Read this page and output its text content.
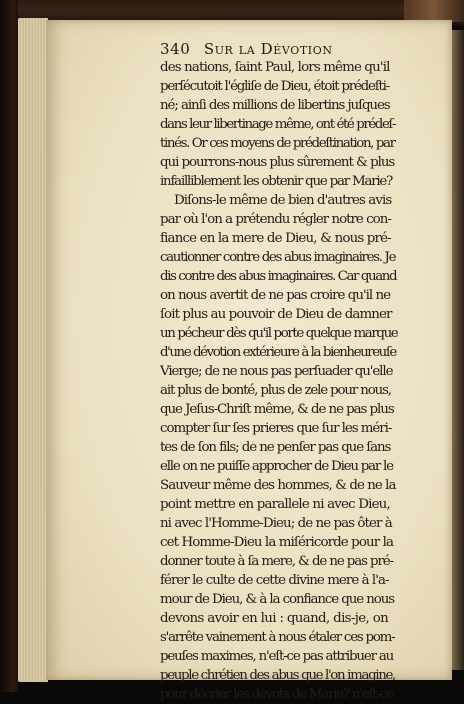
340 Sur la Dévotion
des nations, ſaint Paul, lors même qu'il
perſécutoit l'égliſe de Dieu, étoit prédeſti-
né; ainſi des millions de libertins juſques
dans leur libertinage même, ont été prédeſ-
tinés. Or ces moyens de prédeſtination, par
qui pourrons-nous plus sûrement & plus
infailliblement les obtenir que par Marie?
Diſons-le même de bien d'autres avis
par où l'on a prétendu régler notre con-
fiance en la mere de Dieu, & nous pré-
cautionner contre des abus imaginaires. Je
dis contre des abus imaginaires. Car quand
on nous avertit de ne pas croire qu'il ne
ſoit plus au pouvoir de Dieu de damner
un pécheur dès qu'il porte quelque marque
d'une dévotion extérieure à la bienheureuſe
Vierge; de ne nous pas perſuader qu'elle
ait plus de bonté, plus de zele pour nous,
que Jeſus-Chriſt même, & de ne pas plus
compter ſur ſes prieres que ſur les méri-
tes de ſon fils; de ne penſer pas que ſans
elle on ne puiſſe approcher de Dieu par le
Sauveur même des hommes, & de ne la
point mettre en parallele ni avec Dieu,
ni avec l'Homme-Dieu; de ne pas ôter à
cet Homme-Dieu la miſéricorde pour la
donner toute à ſa mere, & de ne pas pré-
férer le culte de cette divine mere à l'a-
mour de Dieu, & à la confiance que nous
devons avoir en lui : quand, dis-je, on
s'arrête vainement à nous étaler ces pom-
peuſes maximes, n'eſt-ce pas attribuer au
peuple chrétien des abus que l'on imagine,
pour décrier les dévots de Marie? n'eſt-ce
